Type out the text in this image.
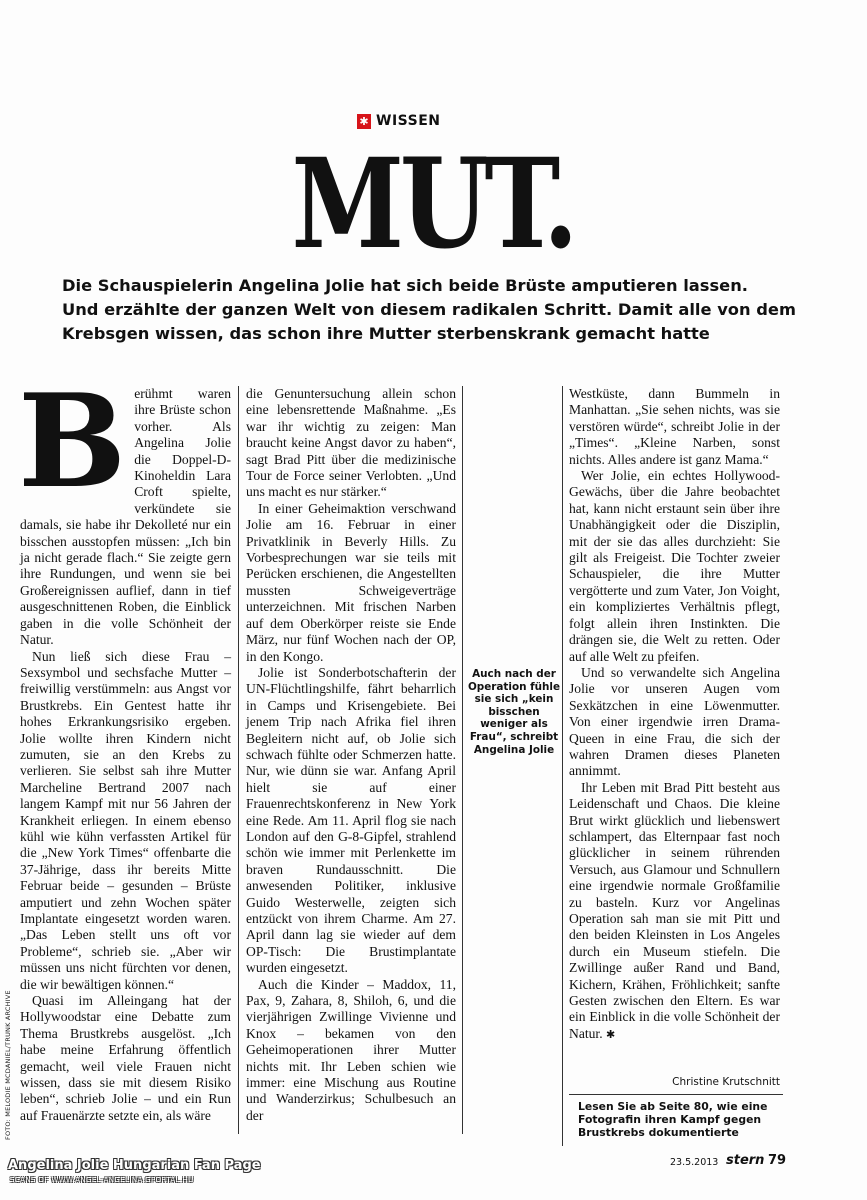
✱ WISSEN
MUT.

Die Schauspielerin Angelina Jolie hat sich beide Brüste amputieren lassen.

Und erzählte der ganzen Welt von diesem radikalen Schritt. Damit alle von dem

Krebsgen wissen, das schon ihre Mutter sterbenskrank gemacht hatte

B erühmt waren ihre Brüste schon vorher. Als Angelina Jolie die Doppel-D-Kinoheldin Lara Croft spielte, verkündete sie damals, sie habe ihr Dekolleté nur ein bisschen ausstopfen müssen: „Ich bin ja nicht gerade flach.“ Sie zeigte gern ihre Rundungen, und wenn sie bei Großereignissen auflief, dann in tief ausgeschnittenen Roben, die Einblick gaben in die volle Schönheit der Natur.

Nun ließ sich diese Frau – Sexsymbol und sechsfache Mutter – freiwillig verstümmeln: aus Angst vor Brustkrebs. Ein Gentest hatte ihr hohes Erkrankungsrisiko ergeben. Jolie wollte ihren Kindern nicht zumuten, sie an den Krebs zu verlieren. Sie selbst sah ihre Mutter Marcheline Bertrand 2007 nach langem Kampf mit nur 56 Jahren der Krankheit erliegen. In einem ebenso kühl wie kühn verfassten Artikel für die „New York Times“ offenbarte die 37-Jährige, dass ihr bereits Mitte Februar beide – gesunden – Brüste amputiert und zehn Wochen später Implantate eingesetzt worden waren. „Das Leben stellt uns oft vor Probleme“, schrieb sie. „Aber wir müssen uns nicht fürchten vor denen, die wir bewältigen können.“

Quasi im Alleingang hat der Hollywoodstar eine Debatte zum Thema Brustkrebs ausgelöst. „Ich habe meine Erfahrung öffentlich gemacht, weil viele Frauen nicht wissen, dass sie mit diesem Risiko leben“, schrieb Jolie – und ein Run auf Frauenärzte setzte ein, als wäre

die Genuntersuchung allein schon eine lebensrettende Maßnahme. „Es war ihr wichtig zu zeigen: Man braucht keine Angst davor zu haben“, sagt Brad Pitt über die medizinische Tour de Force seiner Verlobten. „Und uns macht es nur stärker.“

In einer Geheimaktion verschwand Jolie am 16. Februar in einer Privatklinik in Beverly Hills. Zu Vorbesprechungen war sie teils mit Perücken erschienen, die Angestellten mussten Schweigeverträge unterzeichnen. Mit frischen Narben auf dem Oberkörper reiste sie Ende März, nur fünf Wochen nach der OP, in den Kongo.

Jolie ist Sonderbotschafterin der UN-Flüchtlingshilfe, fährt beharrlich in Camps und Krisengebiete. Bei jenem Trip nach Afrika fiel ihren Begleitern nicht auf, ob Jolie sich schwach fühlte oder Schmerzen hatte. Nur, wie dünn sie war. Anfang April hielt sie auf einer Frauenrechtskonferenz in New York eine Rede. Am 11. April flog sie nach London auf den G-8-Gipfel, strahlend schön wie immer mit Perlenkette im braven Rundausschnitt. Die anwesenden Politiker, inklusive Guido Westerwelle, zeigten sich entzückt von ihrem Charme. Am 27. April dann lag sie wieder auf dem OP-Tisch: Die Brustimplantate wurden eingesetzt.

Auch die Kinder – Maddox, 11, Pax, 9, Zahara, 8, Shiloh, 6, und die vierjährigen Zwillinge Vivienne und Knox – bekamen von den Geheimoperationen ihrer Mutter nichts mit. Ihr Leben schien wie immer: eine Mischung aus Routine und Wanderzirkus; Schulbesuch an der

Auch nach der Operation fühle sie sich „kein bisschen weniger als Frau“, schreibt Angelina Jolie

Westküste, dann Bummeln in Manhattan. „Sie sehen nichts, was sie verstören würde“, schreibt Jolie in der „Times“. „Kleine Narben, sonst nichts. Alles andere ist ganz Mama.“

Wer Jolie, ein echtes Hollywood-Gewächs, über die Jahre beobachtet hat, kann nicht erstaunt sein über ihre Unabhängigkeit oder die Disziplin, mit der sie das alles durchzieht: Sie gilt als Freigeist. Die Tochter zweier Schauspieler, die ihre Mutter vergötterte und zum Vater, Jon Voight, ein kompliziertes Verhältnis pflegt, folgt allein ihren Instinkten. Die drängen sie, die Welt zu retten. Oder auf alle Welt zu pfeifen.

Und so verwandelte sich Angelina Jolie vor unseren Augen vom Sexkätzchen in eine Löwenmutter. Von einer irgendwie irren Drama-Queen in eine Frau, die sich der wahren Dramen dieses Planeten annimmt.

Ihr Leben mit Brad Pitt besteht aus Leidenschaft und Chaos. Die kleine Brut wirkt glücklich und liebenswert schlampert, das Elternpaar fast noch glücklicher in seinem rührenden Versuch, aus Glamour und Schnullern eine irgendwie normale Großfamilie zu basteln. Kurz vor Angelinas Operation sah man sie mit Pitt und den beiden Kleinsten in Los Angeles durch ein Museum stiefeln. Die Zwillinge außer Rand und Band, Kichern, Krähen, Fröhlichkeit; sanfte Gesten zwischen den Eltern. Es war ein Einblick in die volle Schönheit der Natur. ✱

Christine Krutschnitt
Lesen Sie ab Seite 80, wie eine Fotografin ihren Kampf gegen Brustkrebs dokumentierte
FOTO: MELODIE MCDANIEL/TRUNK ARCHIVE
23.5.2013 stern 79
Angelina Jolie Hungarian Fan Page
SCANS OF WWW.ANGEL-ANGELINA.GPORTAL.HU
